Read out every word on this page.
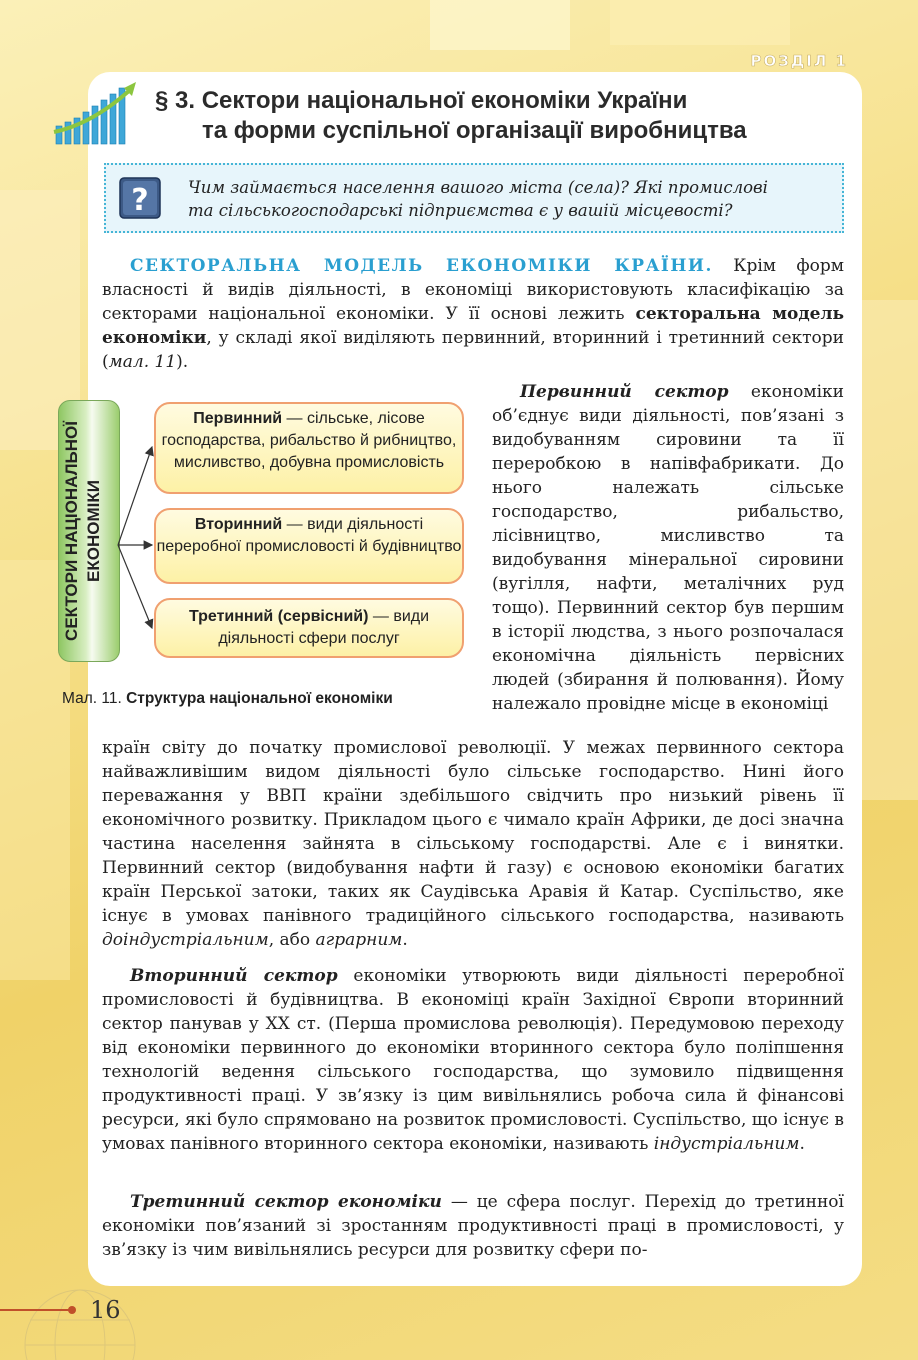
РОЗДІЛ 1
§ 3. Сектори національної економіки України
та форми суспільної організації виробництва
? Чим займається населення вашого міста (села)? Які промислові
та сільськогосподарські підприємства є у вашій місцевості?

СЕКТОРАЛЬНА МОДЕЛЬ ЕКОНОМІКИ КРАЇНИ. Крім форм власності й видів діяльності, в економіці використовують класифікацію за секторами національної економіки. У її основі лежить секторальна модель економіки, у складі якої виділяють первинний, вторинний і третинний сектори (мал. 11).

СЕКТОРИ НАЦІОНАЛЬНОЇ ЕКОНОМІКИ
Первинний — сільське, лісове господарства, рибальство й рибництво, мисливство, добувна промисловість
Вторинний — види діяльності переробної промисловості й будівництво
Третинний (сервісний) — види діяльності сфери послуг

Мал. 11. Структура національної економіки

Первинний сектор економіки об’єднує види діяльності, пов’язані з видобуванням сировини та її переробкою в напівфабрикати. До нього належать сільське господарство, рибальство, лісівництво, мисливство та видобування мінеральної сировини (вугілля, нафти, металічних руд тощо). Первинний сектор був першим в історії людства, з нього розпочалася економічна діяльність первісних людей (збирання й полювання). Йому належало провідне місце в економіці

країн світу до початку промислової революції. У межах первинного сектора найважливішим видом діяльності було сільське господарство. Нині його переважання у ВВП країни здебільшого свідчить про низький рівень її економічного розвитку. Прикладом цього є чимало країн Африки, де досі значна частина населення зайнята в сільському господарстві. Але є і винятки. Первинний сектор (видобування нафти й газу) є основою економіки багатих країн Перської затоки, таких як Саудівська Аравія й Катар. Суспільство, яке існує в умовах панівного традиційного сільського господарства, називають доіндустріальним, або аграрним.

Вторинний сектор економіки утворюють види діяльності переробної промисловості й будівництва. В економіці країн Західної Європи вторинний сектор панував у ХХ ст. (Перша промислова революція). Передумовою переходу від економіки первинного до економіки вторинного сектора було поліпшення технологій ведення сільського господарства, що зумовило підвищення продуктивності праці. У зв’язку із цим вивільнялись робоча сила й фінансові ресурси, які було спрямовано на розвиток промисловості. Суспільство, що існує в умовах панівного вторинного сектора економіки, називають індустріальним.

Третинний сектор економіки — це сфера послуг. Перехід до третинної економіки пов’язаний зі зростанням продуктивності праці в промисловості, у зв’язку із чим вивільнялись ресурси для розвитку сфери по-

16
